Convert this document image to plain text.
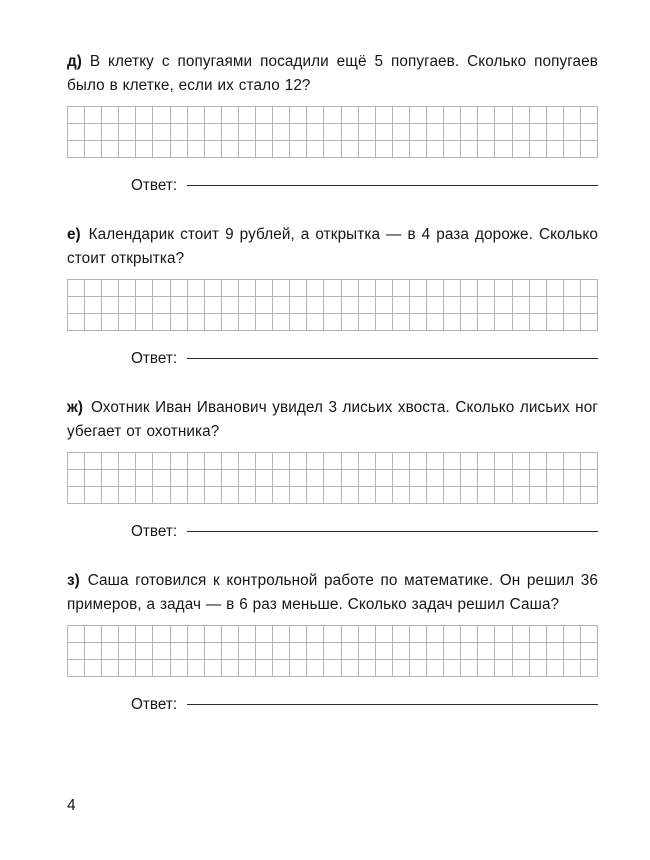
д) В клетку с попугаями посадили ещё 5 попугаев. Сколько попугаев было в клетке, если их стало 12?

Ответ:

е) Календарик стоит 9 рублей, а открытка — в 4 раза дороже. Сколько стоит открытка?

Ответ:

ж) Охотник Иван Иванович увидел 3 лисьих хвоста. Сколько лисьих ног убегает от охотника?

Ответ:

з) Саша готовился к контрольной работе по математике. Он решил 36 примеров, а задач — в 6 раз меньше. Сколько задач решил Саша?

Ответ:
4
